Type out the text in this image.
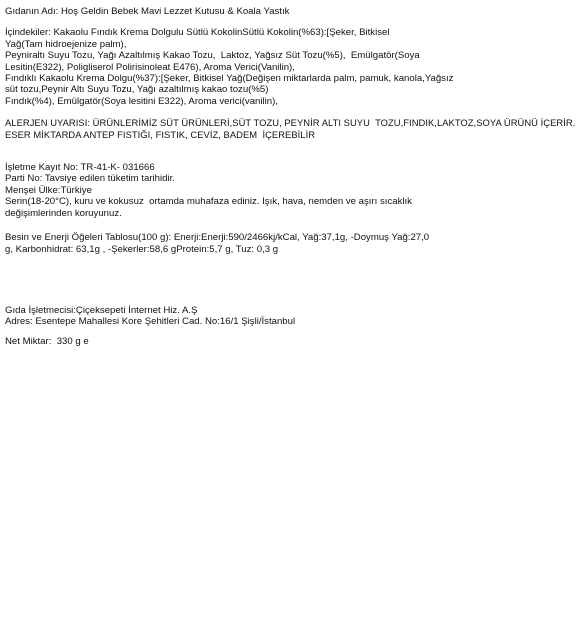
Gıdanın Adı: Hoş Geldin Bebek Mavi Lezzet Kutusu & Koala Yastık
İçindekiler: Kakaolu Fındık Krema Dolgulu Sütlü KokolinSütlü Kokolin(%63):[Şeker, Bitkisel
Yağ(Tam hidroejenize palm),
Peyniraltı Suyu Tozu, Yağı Azaltılmış Kakao Tozu,  Laktoz, Yağsız Süt Tozu(%5),  Emülgatör(Soya
Lesitin(E322), Poligliserol Polirisinoleat E476), Aroma Verici(Vanilin),
Fındıklı Kakaolu Krema Dolgu(%37):[Şeker, Bitkisel Yağ(Değişen miktarlarda palm, pamuk, kanola,Yağsız
süt tozu,Peynir Altı Suyu Tozu, Yağı azaltılmış kakao tozu(%5)
Fındık(%4), Emülgatör(Soya lesitini E322), Aroma verici(vanilin),
ALERJEN UYARISI: ÜRÜNLERİMİZ SÜT ÜRÜNLERİ,SÜT TOZU, PEYNİR ALTI SUYU  TOZU,FINDIK,LAKTOZ,SOYA ÜRÜNÜ İÇERİR.
ESER MİKTARDA ANTEP FISTIĞI, FISTIK, CEVİZ, BADEM  İÇEREBİLİR
İşletme Kayıt No: TR-41-K- 031666
Parti No: Tavsiye edilen tüketim tarihidir.
Menşei Ülke:Türkiye
Serin(18-20°C), kuru ve kokusuz  ortamda muhafaza ediniz. Işık, hava, nemden ve aşırı sıcaklık
değişimlerinden koruyunuz.
Besin ve Enerji Öğeleri Tablosu(100 g): Enerji:Enerji:590/2466kj/kCal, Yağ:37,1g, -Doymuş Yağ:27,0
g, Karbonhidrat: 63,1g , -Şekerler:58,6 gProtein:5,7 g, Tuz: 0,3 g
Gıda İşletmecisi:Çiçeksepeti İnternet Hiz. A.Ş
Adres: Esentepe Mahallesi Kore Şehitleri Cad. No:16/1 Şişli/İstanbul
Net Miktar:  330 g e
